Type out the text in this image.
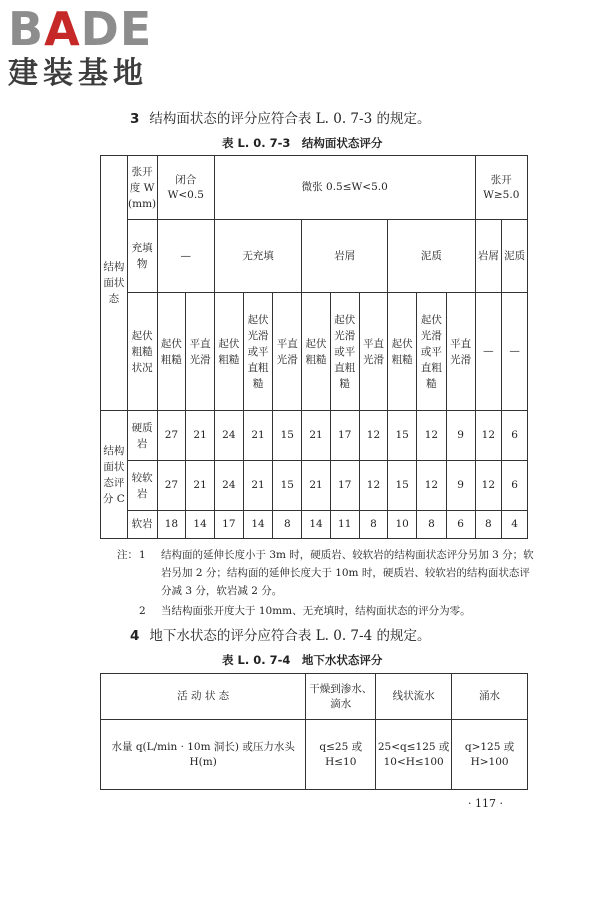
BADE
建装基地
3 结构面状态的评分应符合表 L. 0. 7-3 的规定。
表 L. 0. 7-3　结构面状态评分
结构面状态	张开度 W (mm)	闭合 W<0.5		微张 0.5≤W<5.0									张开 W≥5.0	
	充填物	—		无充填			岩屑			泥质			岩屑	泥质
	起伏粗糙状况	起伏粗糙	平直光滑	起伏粗糙	起伏光滑或平直粗糙	平直光滑	起伏粗糙	起伏光滑或平直粗糙	平直光滑	起伏粗糙	起伏光滑或平直粗糙	平直光滑	—	—
结构面状态评分 C	硬质岩	27	21	24	21	15	21	17	12	15	12	9	12	6
	较软岩	27	21	24	21	15	21	17	12	15	12	9	12	6
	软岩	18	14	17	14	8	14	11	8	10	8	6	8	4
注： 1	结构面的延伸长度小于 3m 时，硬质岩、较软岩的结构面状态评分另加 3 分；软岩另加 2 分；结构面的延伸长度大于 10m 时，硬质岩、较软岩的结构面状态评分减 3 分，软岩减 2 分。
2	当结构面张开度大于 10mm、无充填时，结构面状态的评分为零。
4 地下水状态的评分应符合表 L. 0. 7-4 的规定。
表 L. 0. 7-4　地下水状态评分
活 动 状 态	干燥到渗水、滴水	线状流水	涌水
水量 q(L/min · 10m 洞长) 或压力水头 H(m)	q≤25 或 H≤10	25<q≤125 或 10<H≤100	q>125 或 H>100
· 117 ·
